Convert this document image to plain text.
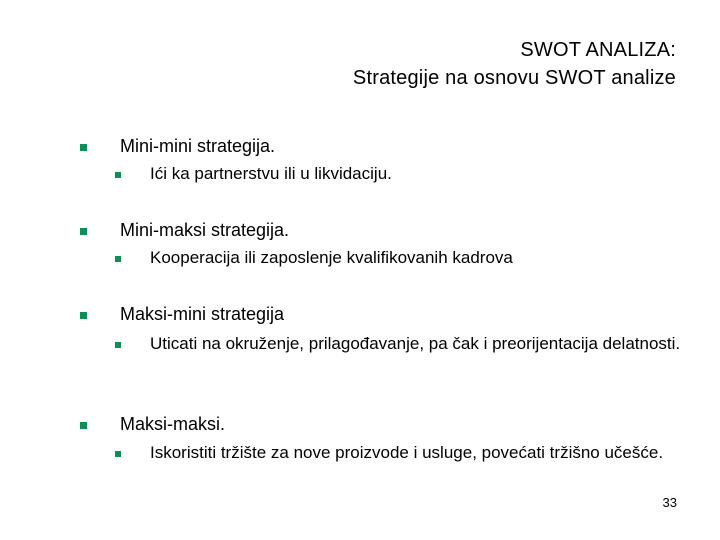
SWOT ANALIZA:
Strategije na osnovu SWOT analize
Mini-mini strategija.
Ići ka partnerstvu ili u likvidaciju.
Mini-maksi strategija.
Kooperacija ili zaposlenje kvalifikovanih kadrova
Maksi-mini strategija
Uticati na okruženje, prilagođavanje, pa čak i preorijentacija delatnosti.
Maksi-maksi.
Iskoristiti tržište za nove proizvode i usluge, povećati tržišno učešće.
33
